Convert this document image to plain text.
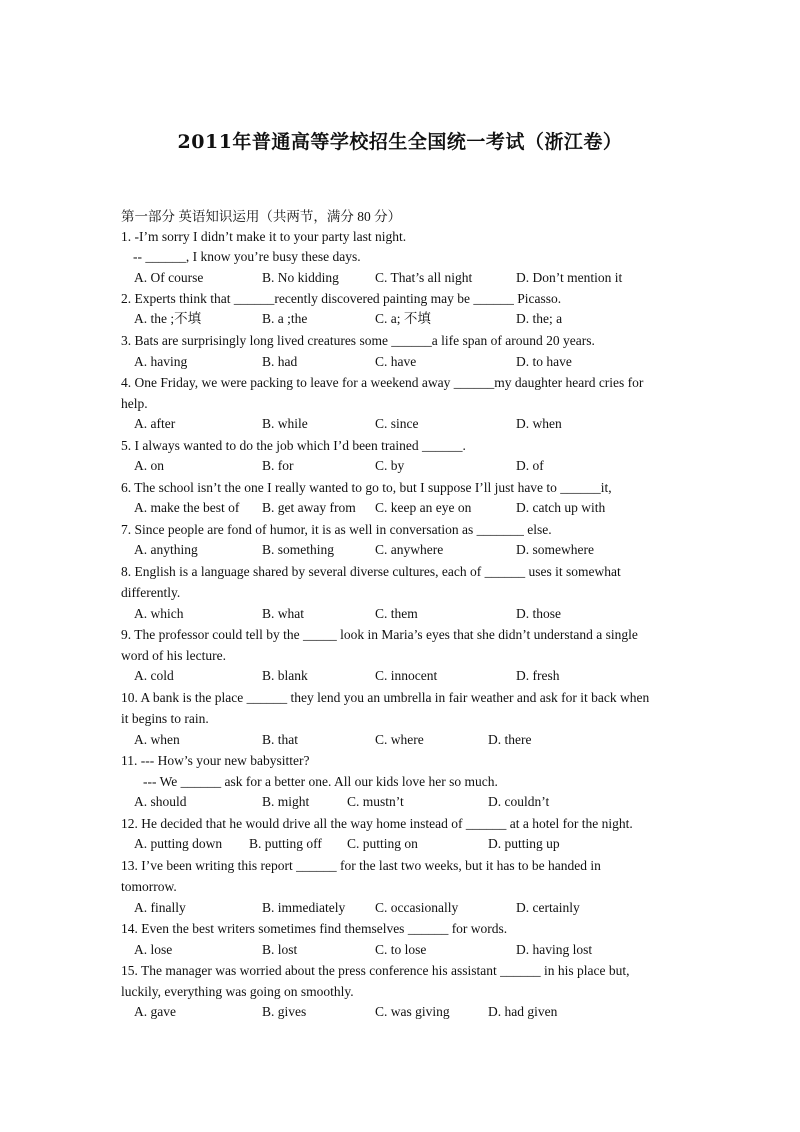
2011年普通高等学校招生全国统一考试（浙江卷）
第一部分 英语知识运用（共两节，满分 80 分）
1. -I’m sorry I didn’t make it to your party last night.
-- ______, I know you’re busy these days.
A. Of course	B. No kidding	C. That’s all night	D. Don’t mention it
2. Experts think that ______recently discovered painting may be ______ Picasso.
A. the ;不填	B. a ;the	C. a; 不填	D. the; a
3. Bats are surprisingly long lived creatures some ______a life span of around 20 years.
A. having	B. had	C. have	D. to have
4. One Friday, we were packing to leave for a weekend away ______my daughter heard cries for
help.
A. after	B. while	C. since	D. when
5. I always wanted to do the job which I’d been trained ______.
A. on	B. for	C. by	D. of
6. The school isn’t the one I really wanted to go to, but I suppose I’ll just have to ______it,
A. make the best of B. get away from C. keep an eye on	D. catch up with
7. Since people are fond of humor, it is as well in conversation as _______ else.
A. anything	B. something	C. anywhere	D. somewhere
8. English is a language shared by several diverse cultures, each of ______ uses it somewhat
differently.
A. which	B. what	C. them	D. those
9. The professor could tell by the _____ look in Maria’s eyes that she didn’t understand a single
word of his lecture.
A. cold	B. blank	C. innocent	D. fresh
10. A bank is the place ______ they lend you an umbrella in fair weather and ask for it back when
it begins to rain.
A. when	B. that	C. where	D. there
11. --- How’s your new babysitter?
--- We ______ ask for a better one. All our kids love her so much.
A. should	B. might	C. mustn’t	D. couldn’t
12. He decided that he would drive all the way home instead of ______ at a hotel for the night.
A. putting down B. putting off C. putting on	D. putting up
13. I’ve been writing this report ______ for the last two weeks, but it has to be handed in
tomorrow.
A. finally	B. immediately C. occasionally	D. certainly
14. Even the best writers sometimes find themselves ______ for words.
A. lose	B. lost	C. to lose	D. having lost
15. The manager was worried about the press conference his assistant ______ in his place but,
luckily, everything was going on smoothly.
A. gave	B. gives	C. was giving	D. had given
